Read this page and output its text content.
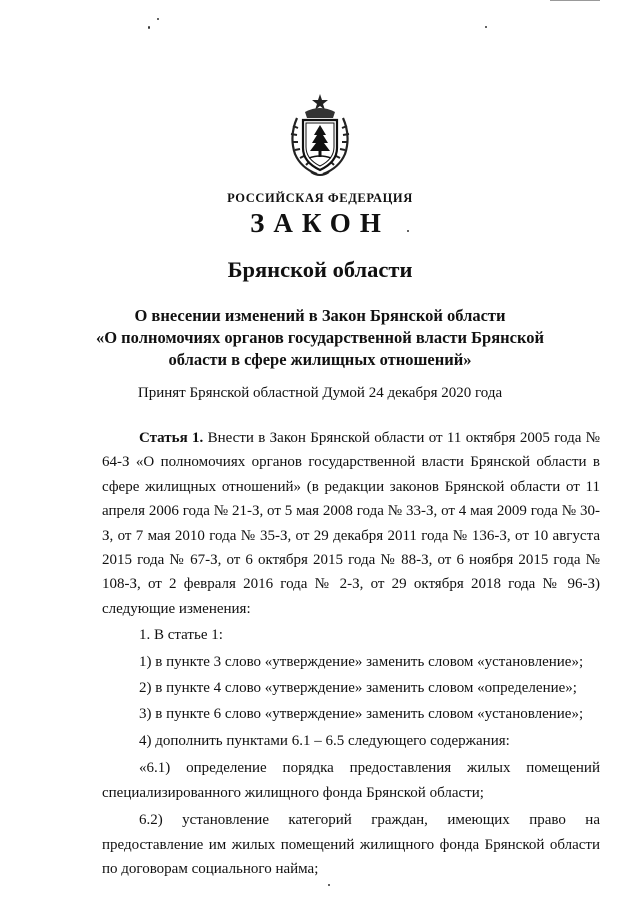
РОССИЙСКАЯ ФЕДЕРАЦИЯ
ЗАКОН
Брянской области
О внесении изменений в Закон Брянской области
«О полномочиях органов государственной власти Брянской
области в сфере жилищных отношений»
Принят Брянской областной Думой 24 декабря 2020 года

Статья 1. Внести в Закон Брянской области от 11 октября 2005 года № 64-З «О полномочиях органов государственной власти Брянской области в сфере жилищных отношений» (в редакции законов Брянской области от 11 апреля 2006 года № 21-З, от 5 мая 2008 года № 33-З, от 4 мая 2009 года № 30-З, от 7 мая 2010 года № 35-З, от 29 декабря 2011 года № 136-З, от 10 августа 2015 года № 67-З, от 6 октября 2015 года № 88-З, от 6 ноября 2015 года № 108-З, от 2 февраля 2016 года № 2-З, от 29 октября 2018 года № 96-З) следующие изменения:

1. В статье 1:
1) в пункте 3 слово «утверждение» заменить словом «установление»;
2) в пункте 4 слово «утверждение» заменить словом «определение»;
3) в пункте 6 слово «утверждение» заменить словом «установление»;
4) дополнить пунктами 6.1 – 6.5 следующего содержания:

«6.1) определение порядка предоставления жилых помещений специализированного жилищного фонда Брянской области;

6.2) установление категорий граждан, имеющих право на предоставление им жилых помещений жилищного фонда Брянской области по договорам социального найма;
